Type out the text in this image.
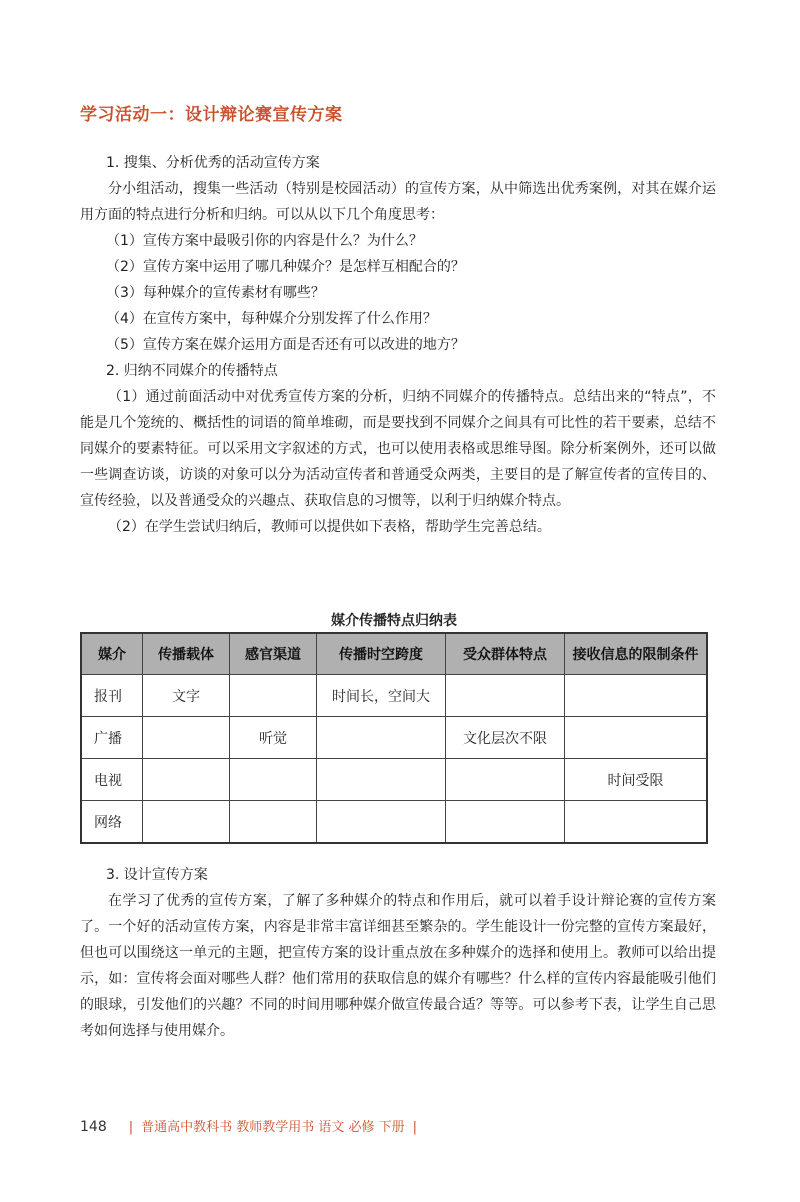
学习活动一：设计辩论赛宣传方案

1. 搜集、分析优秀的活动宣传方案

分小组活动，搜集一些活动（特别是校园活动）的宣传方案，从中筛选出优秀案例，对其在媒介运用方面的特点进行分析和归纳。可以从以下几个角度思考：

（1）宣传方案中最吸引你的内容是什么？为什么？

（2）宣传方案中运用了哪几种媒介？是怎样互相配合的？

（3）每种媒介的宣传素材有哪些？

（4）在宣传方案中，每种媒介分别发挥了什么作用？

（5）宣传方案在媒介运用方面是否还有可以改进的地方？

2. 归纳不同媒介的传播特点

（1）通过前面活动中对优秀宣传方案的分析，归纳不同媒介的传播特点。总结出来的“特点”，不能是几个笼统的、概括性的词语的简单堆砌，而是要找到不同媒介之间具有可比性的若干要素，总结不同媒介的要素特征。可以采用文字叙述的方式，也可以使用表格或思维导图。除分析案例外，还可以做一些调查访谈，访谈的对象可以分为活动宣传者和普通受众两类，主要目的是了解宣传者的宣传目的、宣传经验，以及普通受众的兴趣点、获取信息的习惯等，以利于归纳媒介特点。

（2）在学生尝试归纳后，教师可以提供如下表格，帮助学生完善总结。

媒介传播特点归纳表
媒介	传播载体	感官渠道	传播时空跨度	受众群体特点	接收信息的限制条件
报刊	文字		时间长，空间大		
广播		听觉		文化层次不限	
电视					时间受限
网络					

3. 设计宣传方案

在学习了优秀的宣传方案，了解了多种媒介的特点和作用后，就可以着手设计辩论赛的宣传方案了。一个好的活动宣传方案，内容是非常丰富详细甚至繁杂的。学生能设计一份完整的宣传方案最好，但也可以围绕这一单元的主题，把宣传方案的设计重点放在多种媒介的选择和使用上。教师可以给出提示，如：宣传将会面对哪些人群？他们常用的获取信息的媒介有哪些？什么样的宣传内容最能吸引他们的眼球，引发他们的兴趣？不同的时间用哪种媒介做宣传最合适？等等。可以参考下表，让学生自己思考如何选择与使用媒介。

148 | 普通高中教科书 教师教学用书 语文 必修 下册 |
